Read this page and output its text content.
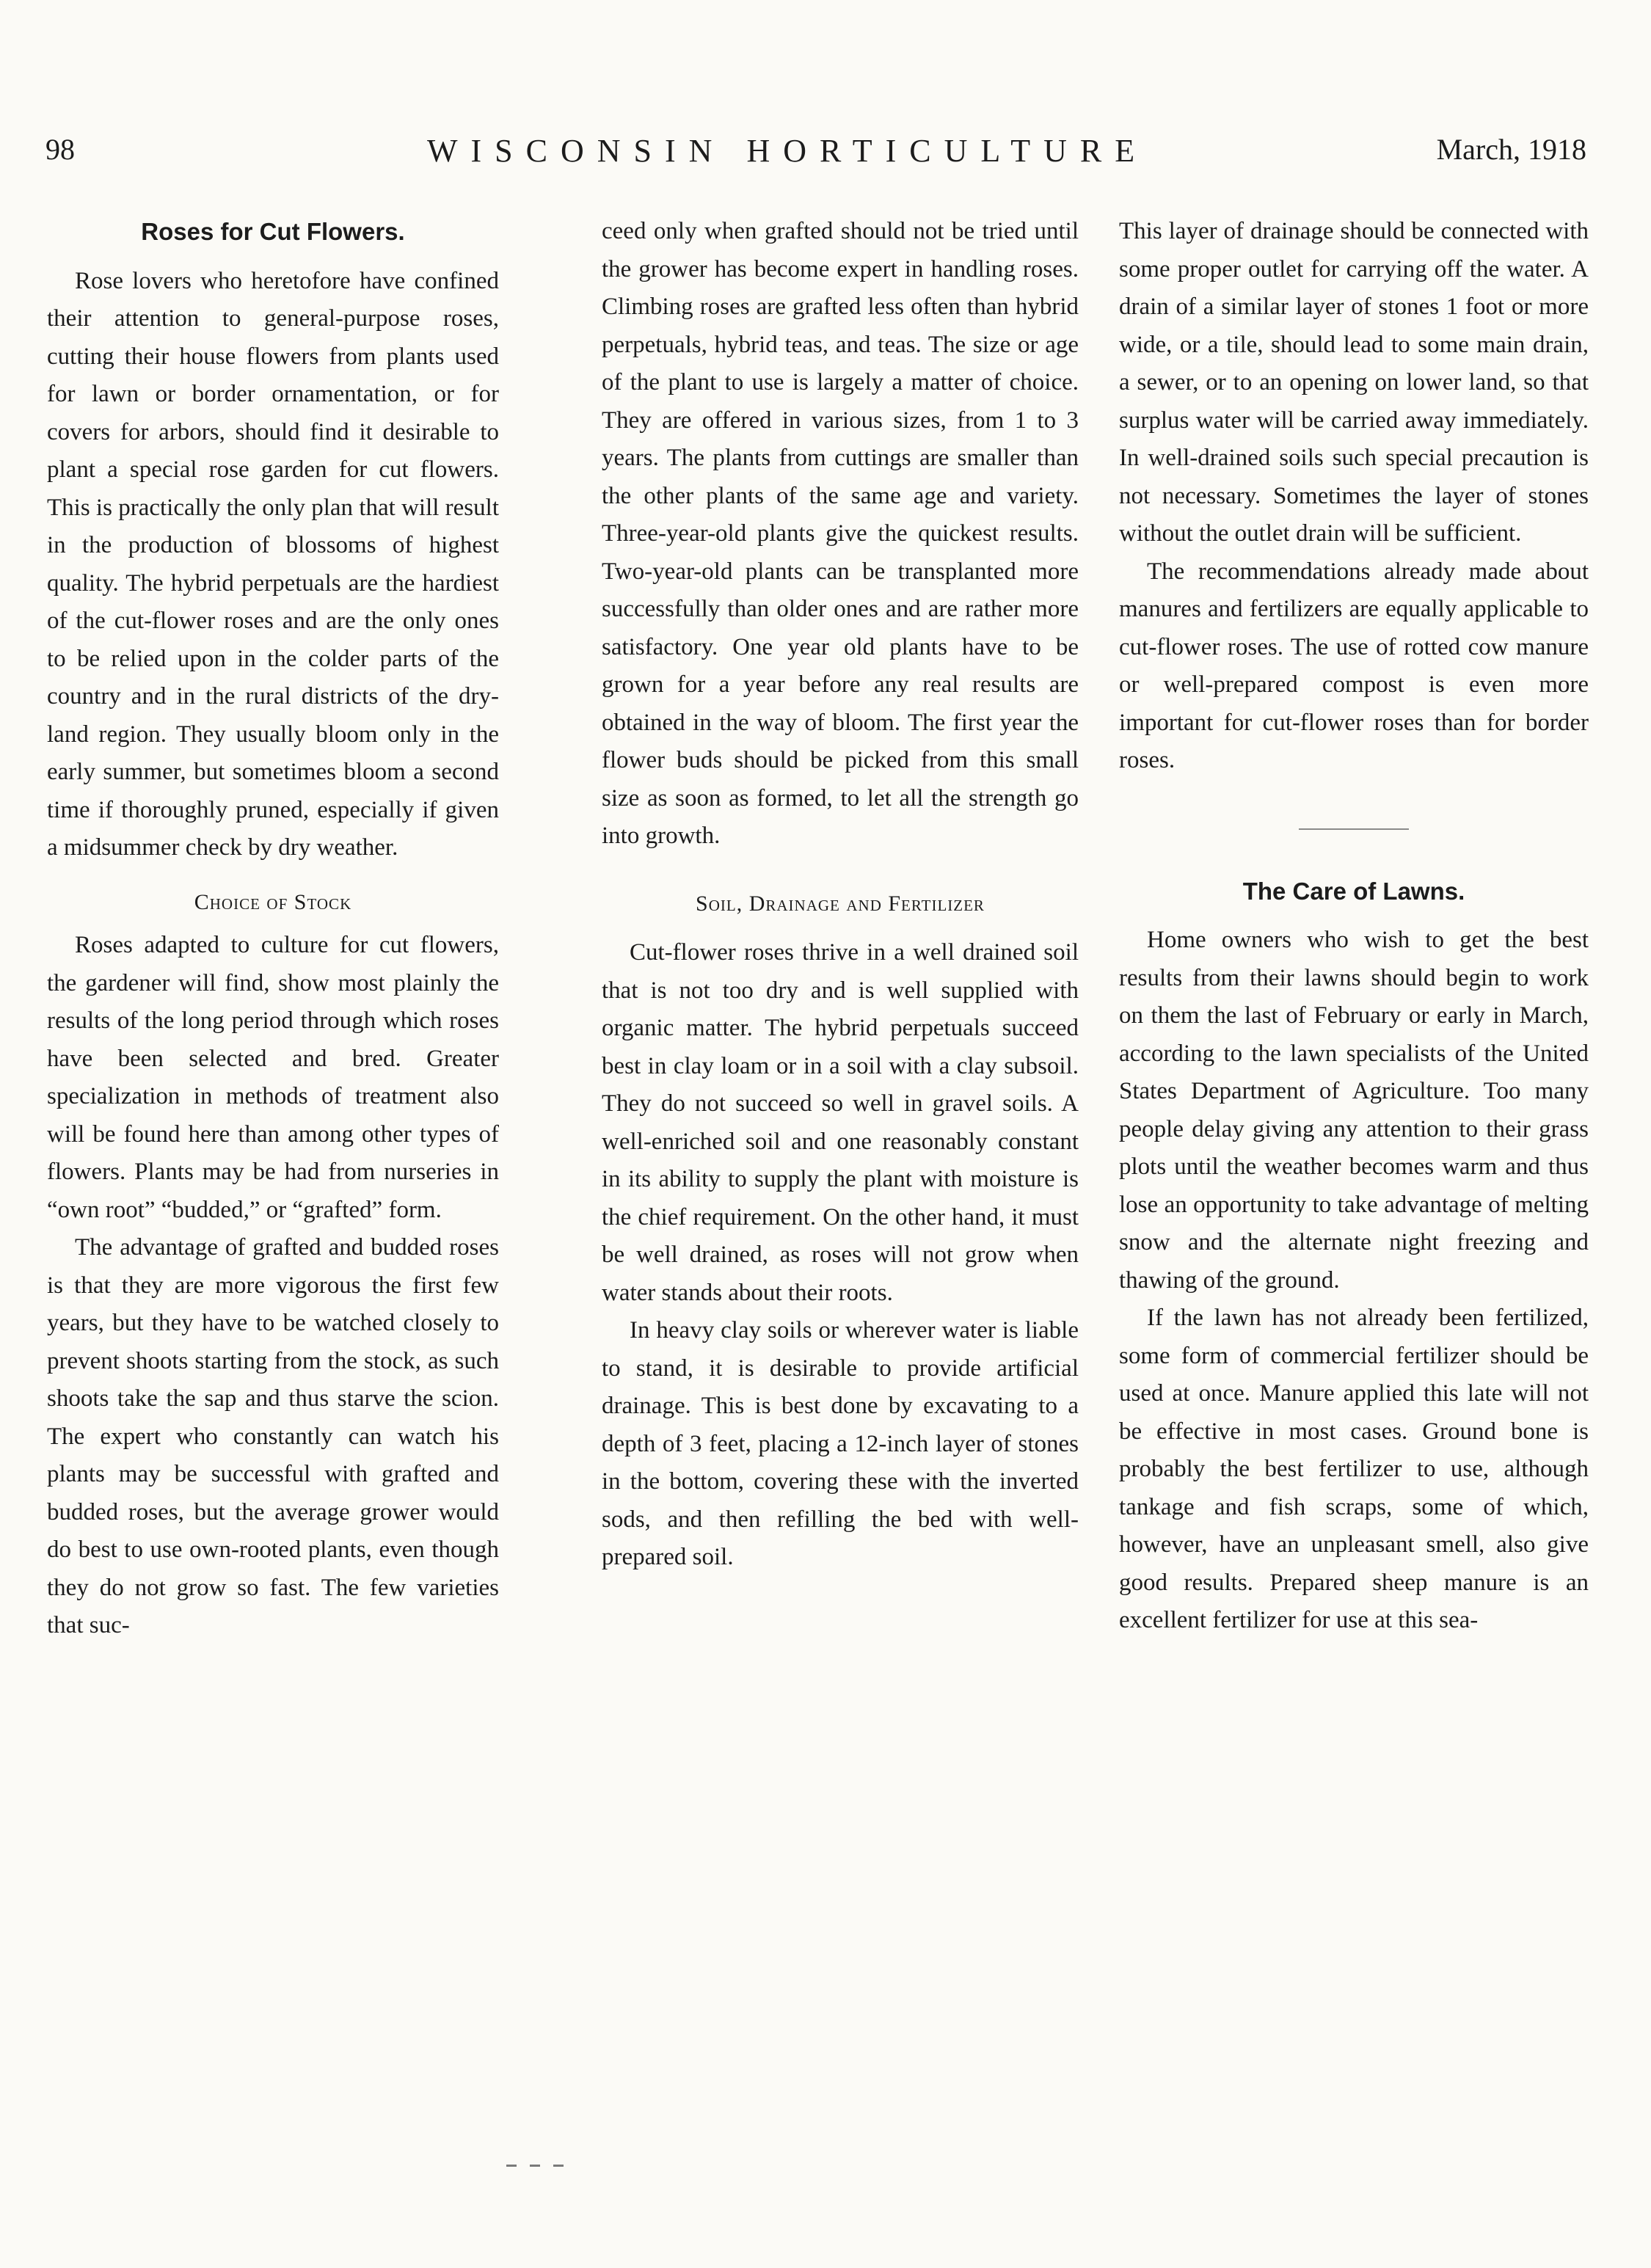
98	WISCONSIN HORTICULTURE	March, 1918
Roses for Cut Flowers.

Rose lovers who heretofore have confined their attention to general-purpose roses, cutting their house flowers from plants used for lawn or border ornamentation, or for covers for arbors, should find it desirable to plant a special rose garden for cut flowers. This is practically the only plan that will result in the production of blossoms of highest quality. The hybrid perpetuals are the hardiest of the cut-flower roses and are the only ones to be relied upon in the colder parts of the country and in the rural districts of the dry-land region. They usually bloom only in the early summer, but sometimes bloom a second time if thoroughly pruned, especially if given a midsummer check by dry weather.

Choice of Stock

Roses adapted to culture for cut flowers, the gardener will find, show most plainly the results of the long period through which roses have been selected and bred. Greater specialization in methods of treatment also will be found here than among other types of flowers. Plants may be had from nurseries in “own root” “budded,” or “grafted” form.

The advantage of grafted and budded roses is that they are more vigorous the first few years, but they have to be watched closely to prevent shoots starting from the stock, as such shoots take the sap and thus starve the scion. The expert who constantly can watch his plants may be successful with grafted and budded roses, but the average grower would do best to use own-rooted plants, even though they do not grow so fast. The few varieties that suc-

ceed only when grafted should not be tried until the grower has become expert in handling roses. Climbing roses are grafted less often than hybrid perpetuals, hybrid teas, and teas. The size or age of the plant to use is largely a matter of choice. They are offered in various sizes, from 1 to 3 years. The plants from cuttings are smaller than the other plants of the same age and variety. Three-year-old plants give the quickest results. Two-year-old plants can be transplanted more successfully than older ones and are rather more satisfactory. One year old plants have to be grown for a year before any real results are obtained in the way of bloom. The first year the flower buds should be picked from this small size as soon as formed, to let all the strength go into growth.

Soil, Drainage and Fertilizer

Cut-flower roses thrive in a well drained soil that is not too dry and is well supplied with organic matter. The hybrid perpetuals succeed best in clay loam or in a soil with a clay subsoil. They do not succeed so well in gravel soils. A well-enriched soil and one reasonably constant in its ability to supply the plant with moisture is the chief requirement. On the other hand, it must be well drained, as roses will not grow when water stands about their roots.

In heavy clay soils or wherever water is liable to stand, it is desirable to provide artificial drainage. This is best done by excavating to a depth of 3 feet, placing a 12-inch layer of stones in the bottom, covering these with the inverted sods, and then refilling the bed with well-prepared soil.

This layer of drainage should be connected with some proper outlet for carrying off the water. A drain of a similar layer of stones 1 foot or more wide, or a tile, should lead to some main drain, a sewer, or to an opening on lower land, so that surplus water will be carried away immediately. In well-drained soils such special precaution is not necessary. Sometimes the layer of stones without the outlet drain will be sufficient.

The recommendations already made about manures and fertilizers are equally applicable to cut-flower roses. The use of rotted cow manure or well-prepared compost is even more important for cut-flower roses than for border roses.

The Care of Lawns.

Home owners who wish to get the best results from their lawns should begin to work on them the last of February or early in March, according to the lawn specialists of the United States Department of Agriculture. Too many people delay giving any attention to their grass plots until the weather becomes warm and thus lose an opportunity to take advantage of melting snow and the alternate night freezing and thawing of the ground.

If the lawn has not already been fertilized, some form of commercial fertilizer should be used at once. Manure applied this late will not be effective in most cases. Ground bone is probably the best fertilizer to use, although tankage and fish scraps, some of which, however, have an unpleasant smell, also give good results. Prepared sheep manure is an excellent fertilizer for use at this sea-
